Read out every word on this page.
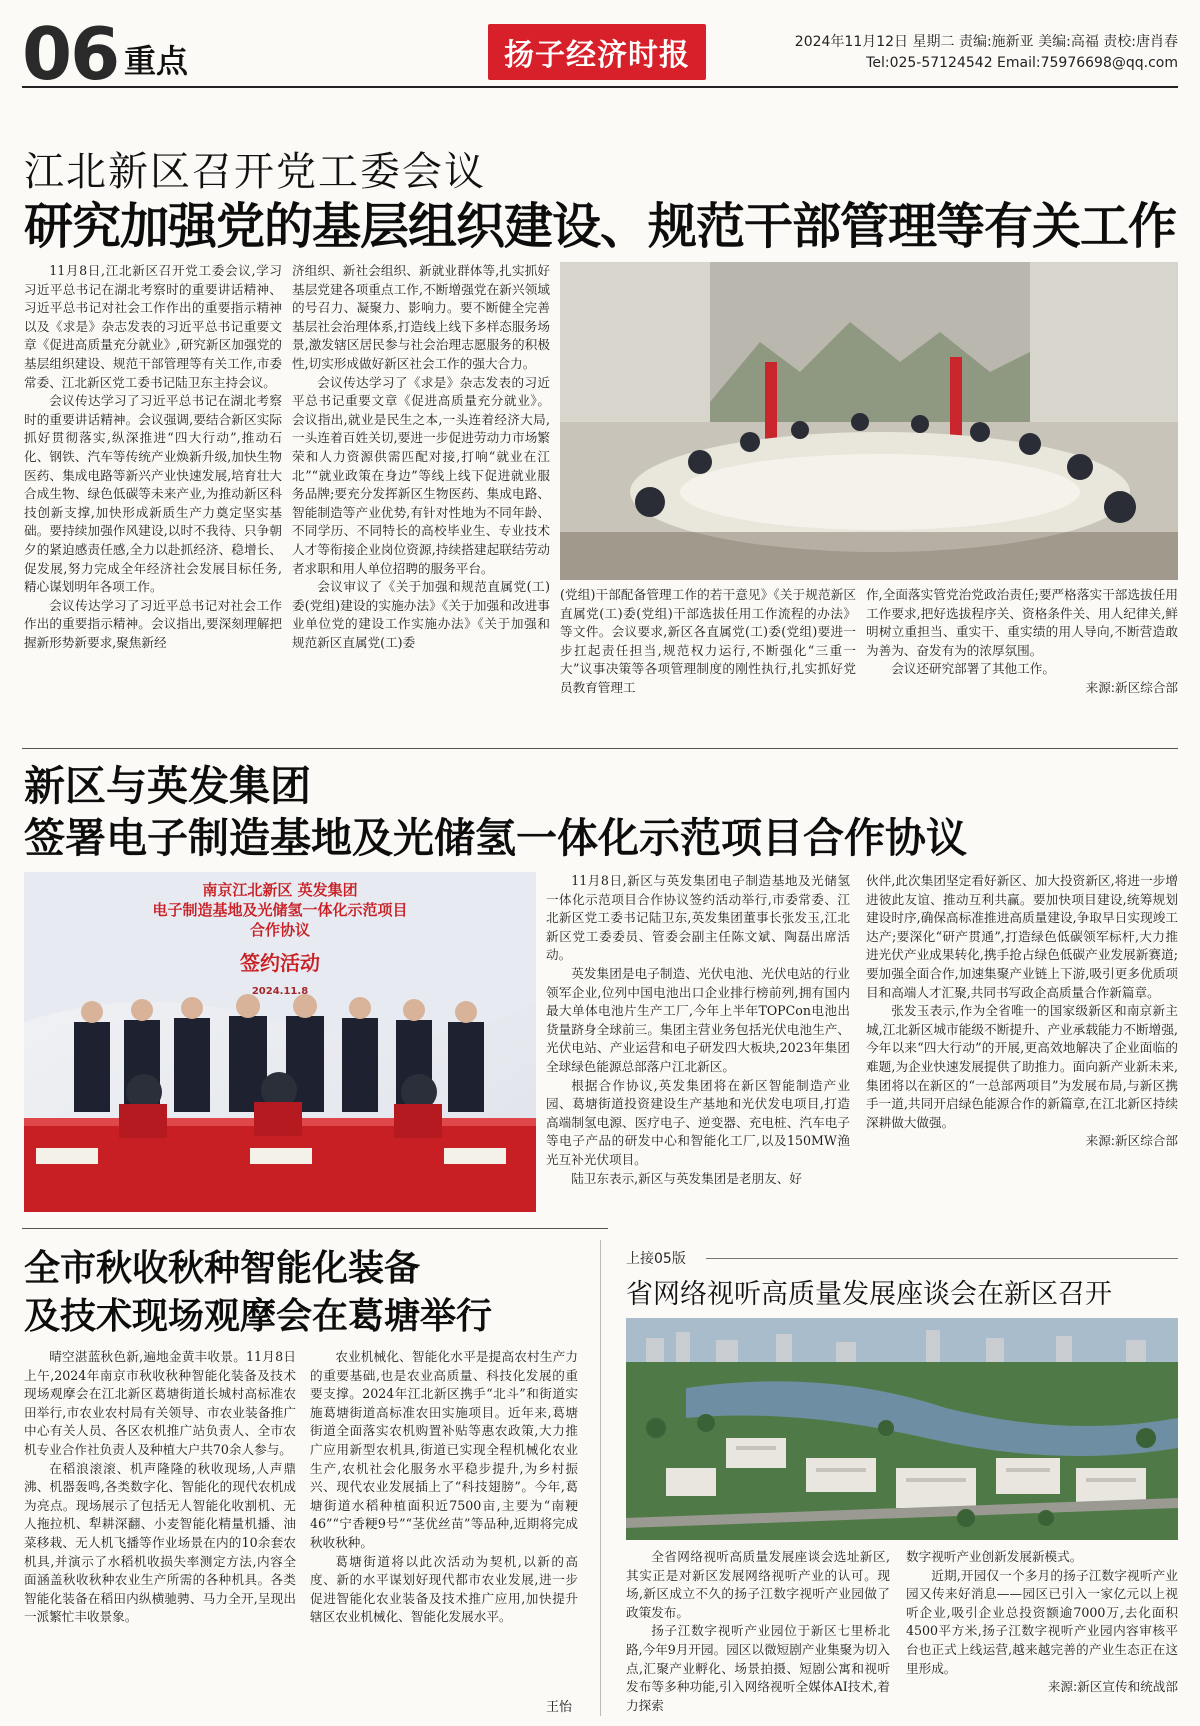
06 重点	扬子经济时报	2024年11月12日 星期二 责编:施新亚 美编:高福 责校:唐肖春
Tel:025-57124542 Email:75976698@qq.com
江北新区召开党工委会议
研究加强党的基层组织建设、规范干部管理等有关工作

11月8日,江北新区召开党工委会议,学习习近平总书记在湖北考察时的重要讲话精神、习近平总书记对社会工作作出的重要指示精神以及《求是》杂志发表的习近平总书记重要文章《促进高质量充分就业》,研究新区加强党的基层组织建设、规范干部管理等有关工作,市委常委、江北新区党工委书记陆卫东主持会议。

会议传达学习了习近平总书记在湖北考察时的重要讲话精神。会议强调,要结合新区实际抓好贯彻落实,纵深推进“四大行动”,推动石化、钢铁、汽车等传统产业焕新升级,加快生物医药、集成电路等新兴产业快速发展,培育壮大合成生物、绿色低碳等未来产业,为推动新区科技创新支撑,加快形成新质生产力奠定坚实基础。要持续加强作风建设,以时不我待、只争朝夕的紧迫感责任感,全力以赴抓经济、稳增长、促发展,努力完成全年经济社会发展目标任务,精心谋划明年各项工作。

会议传达学习了习近平总书记对社会工作作出的重要指示精神。会议指出,要深刻理解把握新形势新要求,聚焦新经

济组织、新社会组织、新就业群体等,扎实抓好基层党建各项重点工作,不断增强党在新兴领域的号召力、凝聚力、影响力。要不断健全完善基层社会治理体系,打造线上线下多样态服务场景,激发辖区居民参与社会治理志愿服务的积极性,切实形成做好新区社会工作的强大合力。

会议传达学习了《求是》杂志发表的习近平总书记重要文章《促进高质量充分就业》。会议指出,就业是民生之本,一头连着经济大局,一头连着百姓关切,要进一步促进劳动力市场繁荣和人力资源供需匹配对接,打响“就业在江北”“就业政策在身边”等线上线下促进就业服务品牌;要充分发挥新区生物医药、集成电路、智能制造等产业优势,有针对性地为不同年龄、不同学历、不同特长的高校毕业生、专业技术人才等衔接企业岗位资源,持续搭建起联结劳动者求职和用人单位招聘的服务平台。

会议审议了《关于加强和规范直属党(工)委(党组)建设的实施办法》《关于加强和改进事业单位党的建设工作实施办法》《关于加强和规范新区直属党(工)委

(党组)干部配备管理工作的若干意见》《关于规范新区直属党(工)委(党组)干部选拔任用工作流程的办法》等文件。会议要求,新区各直属党(工)委(党组)要进一步扛起责任担当,规范权力运行,不断强化“三重一大”议事决策等各项管理制度的刚性执行,扎实抓好党员教育管理工

作,全面落实管党治党政治责任;要严格落实干部选拔任用工作要求,把好选拔程序关、资格条件关、用人纪律关,鲜明树立重担当、重实干、重实绩的用人导向,不断营造敢为善为、奋发有为的浓厚氛围。

会议还研究部署了其他工作。

来源:新区综合部
新区与英发集团
签署电子制造基地及光储氢一体化示范项目合作协议
南京江北新区 英发集团
电子制造基地及光储氢一体化示范项目
合作协议
签约活动
2024.11.8

11月8日,新区与英发集团电子制造基地及光储氢一体化示范项目合作协议签约活动举行,市委常委、江北新区党工委书记陆卫东,英发集团董事长张发玉,江北新区党工委委员、管委会副主任陈文斌、陶磊出席活动。

英发集团是电子制造、光伏电池、光伏电站的行业领军企业,位列中国电池出口企业排行榜前列,拥有国内最大单体电池片生产工厂,今年上半年TOPCon电池出货量跻身全球前三。集团主营业务包括光伏电池生产、光伏电站、产业运营和电子研发四大板块,2023年集团全球绿色能源总部落户江北新区。

根据合作协议,英发集团将在新区智能制造产业园、葛塘街道投资建设生产基地和光伏发电项目,打造高端制氢电源、医疗电子、逆变器、充电桩、汽车电子等电子产品的研发中心和智能化工厂,以及150MW渔光互补光伏项目。

陆卫东表示,新区与英发集团是老朋友、好

伙伴,此次集团坚定看好新区、加大投资新区,将进一步增进彼此友谊、推动互利共赢。要加快项目建设,统筹规划建设时序,确保高标准推进高质量建设,争取早日实现竣工达产;要深化“研产贯通”,打造绿色低碳领军标杆,大力推进光伏产业成果转化,携手抢占绿色低碳产业发展新赛道;要加强全面合作,加速集聚产业链上下游,吸引更多优质项目和高端人才汇聚,共同书写政企高质量合作新篇章。

张发玉表示,作为全省唯一的国家级新区和南京新主城,江北新区城市能级不断提升、产业承载能力不断增强,今年以来“四大行动”的开展,更高效地解决了企业面临的难题,为企业快速发展提供了助推力。面向新产业新未来,集团将以在新区的“一总部两项目”为发展布局,与新区携手一道,共同开启绿色能源合作的新篇章,在江北新区持续深耕做大做强。

来源:新区综合部
全市秋收秋种智能化装备
及技术现场观摩会在葛塘举行

晴空湛蓝秋色新,遍地金黄丰收景。11月8日上午,2024年南京市秋收秋种智能化装备及技术现场观摩会在江北新区葛塘街道长城村高标准农田举行,市农业农村局有关领导、市农业装备推广中心有关人员、各区农机推广站负责人、全市农机专业合作社负责人及种植大户共70余人参与。

在稻浪滚滚、机声隆隆的秋收现场,人声鼎沸、机器轰鸣,各类数字化、智能化的现代农机成为亮点。现场展示了包括无人智能化收割机、无人拖拉机、犁耕深翻、小麦智能化精量机播、油菜移栽、无人机飞播等作业场景在内的10余套农机具,并演示了水稻机收损失率测定方法,内容全面涵盖秋收秋种农业生产所需的各种机具。各类智能化装备在稻田内纵横驰骋、马力全开,呈现出一派繁忙丰收景象。

农业机械化、智能化水平是提高农村生产力的重要基础,也是农业高质量、科技化发展的重要支撑。2024年江北新区携手“北斗”和街道实施葛塘街道高标准农田实施项目。近年来,葛塘街道全面落实农机购置补贴等惠农政策,大力推广应用新型农机具,街道已实现全程机械化农业生产,农机社会化服务水平稳步提升,为乡村振兴、现代农业发展插上了“科技翅膀”。今年,葛塘街道水稻种植面积近7500亩,主要为“南粳46”“宁香粳9号”“茎优丝苗”等品种,近期将完成秋收秋种。

葛塘街道将以此次活动为契机,以新的高度、新的水平谋划好现代都市农业发展,进一步促进智能化农业装备及技术推广应用,加快提升辖区农业机械化、智能化发展水平。

王怡
上接05版
省网络视听高质量发展座谈会在新区召开

全省网络视听高质量发展座谈会选址新区,其实正是对新区发展网络视听产业的认可。现场,新区成立不久的扬子江数字视听产业园做了政策发布。

扬子江数字视听产业园位于新区七里桥北路,今年9月开园。园区以微短剧产业集聚为切入点,汇聚产业孵化、场景拍摄、短剧公寓和视听发布等多种功能,引入网络视听全媒体AI技术,着力探索

数字视听产业创新发展新模式。

近期,开园仅一个多月的扬子江数字视听产业园又传来好消息——园区已引入一家亿元以上视听企业,吸引企业总投资额逾7000万,去化面积4500平方米,扬子江数字视听产业园内容审核平台也正式上线运营,越来越完善的产业生态正在这里形成。

来源:新区宣传和统战部
